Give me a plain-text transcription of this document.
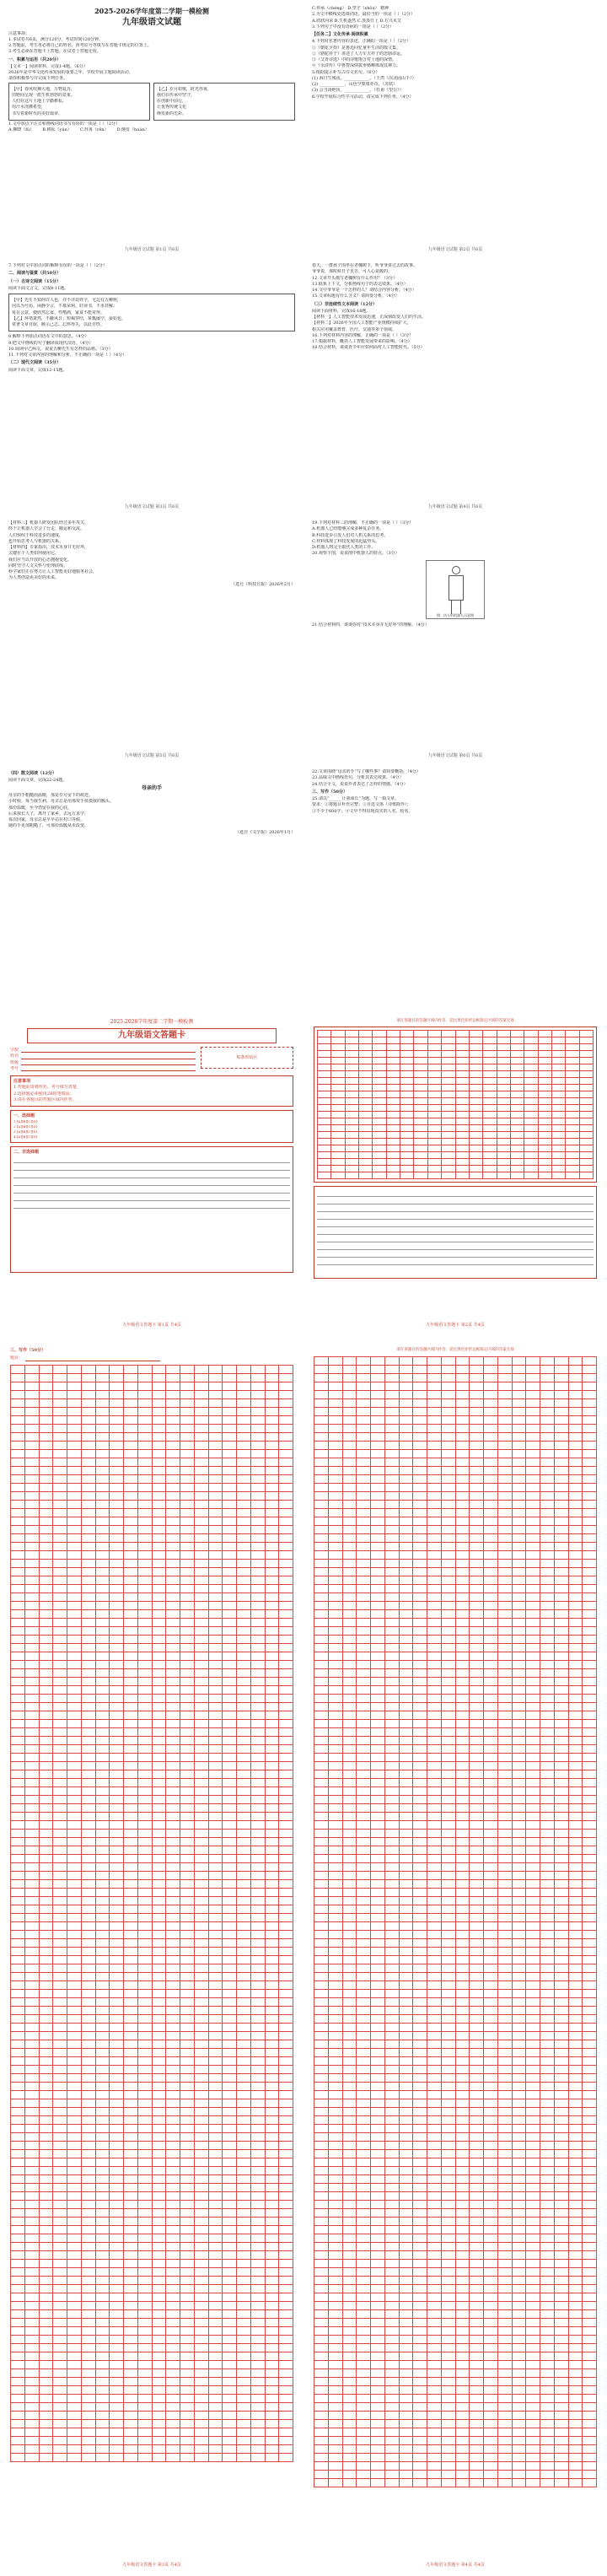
2025-2026学年度第二学期一模检测
九年级语文试题
注意事项：
1.本试卷共6页，满分120分，考试时间120分钟。
2.答题前，考生务必将自己的姓名、准考证号等填写在答题卡规定的位置上。
3.考生必须在答题卡上答题，在试卷上答题无效。
一、积累与运用（共20分）
【文本一】阅读材料，完成1-4题。（6分）
2026年是中华文化传承发展的重要之年，学校开展主题阅读活动。
请你积极参与并完成下列任务。
【甲】春风吹拂大地，万物复苏，
田野间呈现一派生机勃勃的景象。
人们在这片土地上辛勤耕耘，
用汗水浇灌希望，
书写着新时代的美好篇章。
【乙】岁月如歌，时光荏苒，
我们在传承中坚守，
在创新中前行，
让优秀传统文化
焕发新的光彩。
1.文中加点字注音和画线词语书写有误的一项是（ ）（2分）
A.拂晓（fú） B.耕耘（yún） C.荏苒（rěn） D.焕发（huàn）
九年级语文试题 第1页 共6页
C.传承（chéng） D.坚守（shǒu） 精神
2.为文中横线处选填词语，最恰当的一项是（ ）（2分）
A.欣欣向荣 B.生机盎然 C.蒸蒸日上 D.方兴未艾
3.下列句子中没有语病的一项是（ ）（2分）
【任务二】文化传承·阅读积累
4.下列对名著内容的表述，正确的一项是（ ）（2分）
①《朝花夕拾》是鲁迅回忆童年生活的散文集。
②《骆驼祥子》讲述了人力车夫祥子的悲剧命运。
③《艾青诗选》中的诗歌饱含对土地的深情。
④《水浒传》中鲁智深倒拔垂杨柳体现其神力。
5.根据提示补写古诗文名句。（6分）
(1) 海日生残夜，____________。（王湾《次北固山下》）
(2) ____________，山色空蒙雨亦奇。（苏轼）
(3) 会当凌绝顶，____________。（杜甫《望岳》）
6.学校开展综合性学习活动，请完成下列任务。（4分）
九年级语文试题 第2页 共6页
7.下列对文中加点词的解释有误的一项是（ ）（2分）
二、阅读与鉴赏（共50分）
（一）古诗文阅读（15分）
阅读下面文言文，完成8-11题。
【甲】先生不知何许人也，亦不详其姓字，宅边有五柳树，
因以为号焉。闲静少言，不慕荣利。好读书，不求甚解；
每有会意，便欣然忘食。性嗜酒，家贫不能常得。
【乙】环堵萧然，不蔽风日；短褐穿结，箪瓢屡空，晏如也。
常著文章自娱，颇示己志。忘怀得失，以此自终。
8.解释下列加点词语在文中的意思。（4分）
9.把文中画线的句子翻译成现代汉语。（4分）
10.阅读甲乙两文，说说五柳先生有怎样的品格。（3分）
11.下列对文章内容的理解和分析，不正确的一项是（ ）（4分）
（二）现代文阅读（35分）
阅读下面文章，完成12-15题。
九年级语文试题 第3页 共6页
春天，一群孩子围坐在老槐树下，听爷爷讲过去的故事。
爷爷说，那时候日子虽苦，可人心是暖的。
12.文章开头描写老槐树有什么作用？（3分）
13.联系上下文，分析画线句子的表达效果。（4分）
14.文中爷爷是一个怎样的人？请结合内容分析。（4分）
15.文章标题有什么含义？请简要分析。（4分）
（三）非连续性文本阅读（12分）
阅读下面材料，完成16-18题。
【材料一】人工智能技术发展迅速，正深刻改变人们的生活。
【材料二】2026年全国人工智能产业规模持续扩大，
相关应用覆盖教育、医疗、交通等多个领域。
16.下列对材料内容的理解，正确的一项是（ ）（3分）
17.根据材料，概括人工智能发展带来的影响。（4分）
18.结合材料，谈谈青少年应如何面对人工智能时代。（5分）
九年级语文试题 第4页 共6页
【材料三】机器人研发团队经过多年攻关，
终于让机器人学会了行走、搬运和交流。
人们惊叹于科技进步的速度，
也开始思考人与机器的关系。
【材料四】专家指出，技术本身并无好坏，
关键在于人类如何使用它。
我们应当以开放的心态拥抱变化，
同时坚守人文关怀与伦理底线。
科学家们正在努力让人工智能更好地服务社会，
为人类创造更美好的未来。
（选自《科技日报》2026年2月）
九年级语文试题 第5页 共6页
19.下列对材料三的理解，不正确的一项是（ ）（3分）
A.机器人已经能够完成多种复杂任务。
B.科技进步引发人们对人机关系的思考。
C.材料体现了科技发展的迅猛势头。
D.机器人将完全取代人类的工作。
20.观察下图，说说图中机器人的特点。（3分）
图：仿人形机器人示意图
21.结合材料四，谈谈你对“技术本身并无好坏”的理解。（4分）
九年级语文试题 第6页 共6页
（四）散文阅读（12分）
阅读下面文章，完成22-24题。
母亲的手
母亲的手粗糙而温暖，那是岁月留下的痕迹。
小时候，每当我生病，母亲总是用那双手抚摸我的额头。
那份温暖，至今仍留在我的心底。
后来我长大了，离开了家乡，去远方求学。
每次回家，母亲总是早早站在村口等候。
她的手更加粗糙了，可那份温暖从未改变。
（选自《文学报》2026年1月）
22.文章围绕“母亲的手”写了哪些事？请简要概括。（4分）
23.品味文中画线语句，分析其表达效果。（4分）
24.结合全文，说说作者表达了怎样的情感。（4分）
三、写作（50分）
25.请以“______让我成长”为题，写一篇文章。
要求：①将题目补充完整；②自选文体（诗歌除外）；
③不少于600字；④文中不得出现真实的人名、校名。
2025-2026学年度第二学期一模检测
九年级语文答题卡
学校
姓名
班级
考号
贴条形码区
注意事项
1.答题前请将姓名、考号填写清楚。
2.选择题必须使用2B铅笔填涂。
3.请在各题目的答题区域内作答。
一、选择题
1 [A][B][C][D]
2 [A][B][C][D]
3 [A][B][C][D]
4 [A][B][C][D]
二、非选择题
九年级语文答题卡 第1页 共4页
请在各题目的答题区域内作答，超出黑色矩形边框限定区域的答案无效
九年级语文答题卡 第2页 共4页
三、写作（50分）
题目：
九年级语文答题卡 第3页 共4页
请在各题目的答题区域内作答，超出黑色矩形边框限定区域的答案无效
九年级语文答题卡 第4页 共4页
